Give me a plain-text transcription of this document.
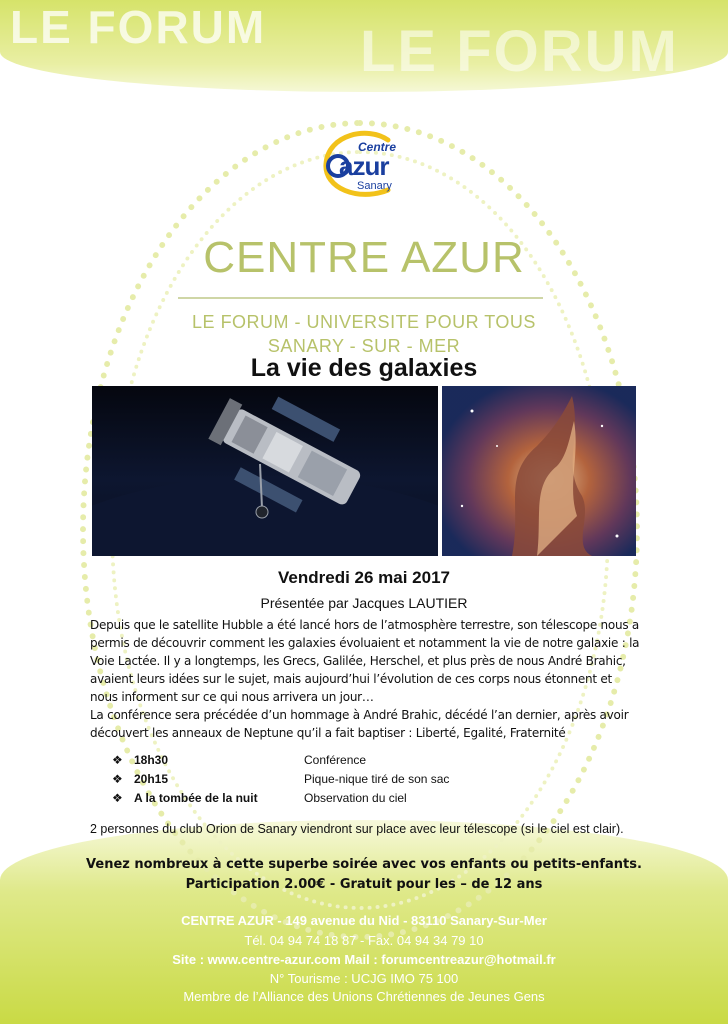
LE FORUM LE FORUM
Centre
azur
Sanary
CENTRE AZUR
LE FORUM - UNIVERSITE POUR TOUS
SANARY - SUR - MER
La vie des galaxies
Vendredi 26 mai 2017
Présentée par Jacques LAUTIER
Depuis que le satellite Hubble a été lancé hors de l’atmosphère terrestre, son télescope nous a permis de découvrir comment les galaxies évoluaient et notamment la vie de notre galaxie : la Voie Lactée. Il y a longtemps, les Grecs, Galilée, Herschel, et plus près de nous André Brahic, avaient leurs idées sur le sujet, mais aujourd’hui l’évolution de ces corps nous étonnent et nous informent sur ce qui nous arrivera un jour…
La conférence sera précédée d’un hommage à André Brahic, décédé l’an dernier, après avoir découvert les anneaux de Neptune qu’il a fait baptiser : Liberté, Egalité, Fraternité
❖ 18h30	Conférence
❖ 20h15	Pique-nique tiré de son sac
❖ A la tombée de la nuit	Observation du ciel
2 personnes du club Orion de Sanary viendront sur place avec leur télescope (si le ciel est clair).
Venez nombreux à cette superbe soirée avec vos enfants ou petits-enfants.
Participation 2.00€ - Gratuit pour les – de 12 ans
CENTRE AZUR - 149 avenue du Nid - 83110 Sanary-Sur-Mer
Tél. 04 94 74 18 87 - Fax. 04 94 34 79 10
Site : www.centre-azur.com Mail : forumcentreazur@hotmail.fr
N° Tourisme : UCJG IMO 75 100
Membre de l’Alliance des Unions Chrétiennes de Jeunes Gens
